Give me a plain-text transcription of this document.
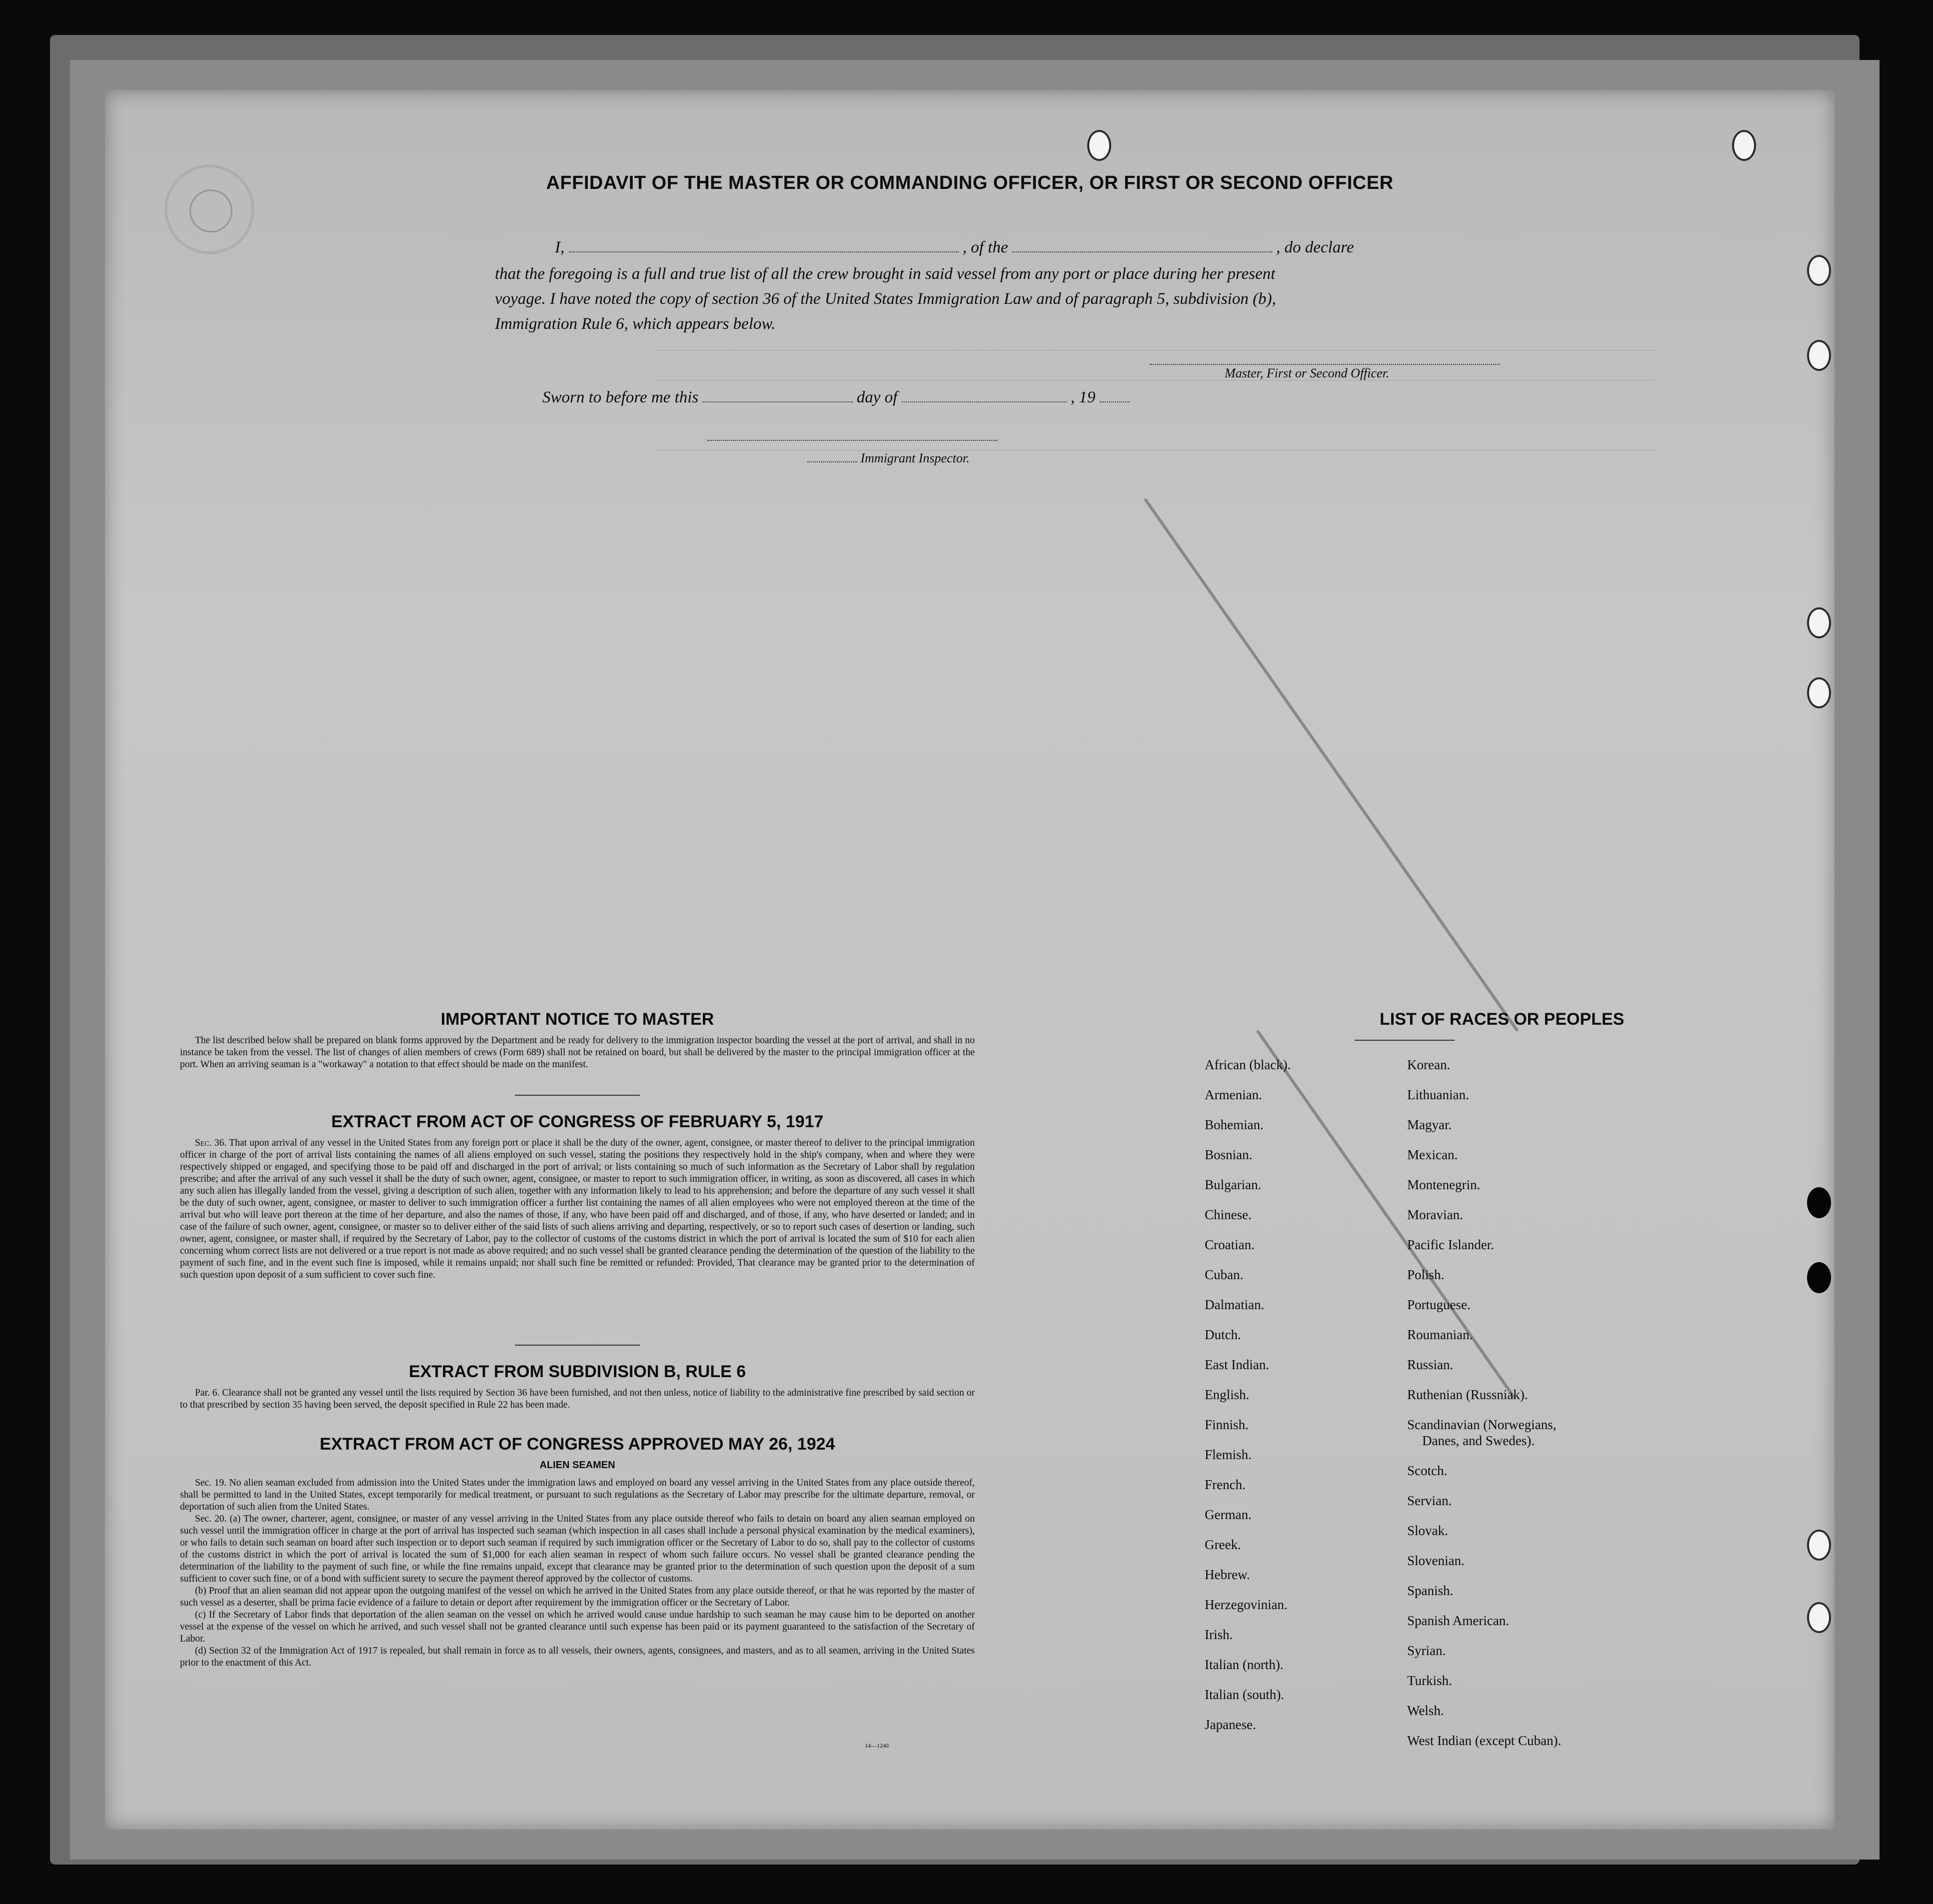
AFFIDAVIT OF THE MASTER OR COMMANDING OFFICER, OR FIRST OR SECOND OFFICER
I,	, of the	, do declare
that the foregoing is a full and true list of all the crew brought in said vessel from any port or place during her present
voyage. I have noted the copy of section 36 of the United States Immigration Law and of paragraph 5, subdivision (b),
Immigration Rule 6, which appears below.
Master, First or Second Officer.
Sworn to before me this	day of	, 19
Immigrant Inspector.
IMPORTANT NOTICE TO MASTER

The list described below shall be prepared on blank forms approved by the Department and be ready for delivery to the immigration inspector boarding the vessel at the port of arrival, and shall in no instance be taken from the vessel. The list of changes of alien members of crews (Form 689) shall not be retained on board, but shall be delivered by the master to the principal immigration officer at the port. When an arriving seaman is a "workaway" a notation to that effect should be made on the manifest.

EXTRACT FROM ACT OF CONGRESS OF FEBRUARY 5, 1917

Sec. 36. That upon arrival of any vessel in the United States from any foreign port or place it shall be the duty of the owner, agent, consignee, or master thereof to deliver to the principal immigration officer in charge of the port of arrival lists containing the names of all aliens employed on such vessel, stating the positions they respectively hold in the ship's company, when and where they were respectively shipped or engaged, and specifying those to be paid off and discharged in the port of arrival; or lists containing so much of such information as the Secretary of Labor shall by regulation prescribe; and after the arrival of any such vessel it shall be the duty of such owner, agent, consignee, or master to report to such immigration officer, in writing, as soon as discovered, all cases in which any such alien has illegally landed from the vessel, giving a description of such alien, together with any information likely to lead to his apprehension; and before the departure of any such vessel it shall be the duty of such owner, agent, consignee, or master to deliver to such immigration officer a further list containing the names of all alien employees who were not employed thereon at the time of the arrival but who will leave port thereon at the time of her departure, and also the names of those, if any, who have been paid off and discharged, and of those, if any, who have deserted or landed; and in case of the failure of such owner, agent, consignee, or master so to deliver either of the said lists of such aliens arriving and departing, respectively, or so to report such cases of desertion or landing, such owner, agent, consignee, or master shall, if required by the Secretary of Labor, pay to the collector of customs of the customs district in which the port of arrival is located the sum of $10 for each alien concerning whom correct lists are not delivered or a true report is not made as above required; and no such vessel shall be granted clearance pending the determination of the question of the liability to the payment of such fine, and in the event such fine is imposed, while it remains unpaid; nor shall such fine be remitted or refunded: Provided, That clearance may be granted prior to the determination of such question upon deposit of a sum sufficient to cover such fine.

EXTRACT FROM SUBDIVISION B, RULE 6

Par. 6. Clearance shall not be granted any vessel until the lists required by Section 36 have been furnished, and not then unless, notice of liability to the administrative fine prescribed by said section or to that prescribed by section 35 having been served, the deposit specified in Rule 22 has been made.

EXTRACT FROM ACT OF CONGRESS APPROVED MAY 26, 1924
ALIEN SEAMEN

Sec. 19. No alien seaman excluded from admission into the United States under the immigration laws and employed on board any vessel arriving in the United States from any place outside thereof, shall be permitted to land in the United States, except temporarily for medical treatment, or pursuant to such regulations as the Secretary of Labor may prescribe for the ultimate departure, removal, or deportation of such alien from the United States.

Sec. 20. (a) The owner, charterer, agent, consignee, or master of any vessel arriving in the United States from any place outside thereof who fails to detain on board any alien seaman employed on such vessel until the immigration officer in charge at the port of arrival has inspected such seaman (which inspection in all cases shall include a personal physical examination by the medical examiners), or who fails to detain such seaman on board after such inspection or to deport such seaman if required by such immigration officer or the Secretary of Labor to do so, shall pay to the collector of customs of the customs district in which the port of arrival is located the sum of $1,000 for each alien seaman in respect of whom such failure occurs. No vessel shall be granted clearance pending the determination of the liability to the payment of such fine, or while the fine remains unpaid, except that clearance may be granted prior to the determination of such question upon the deposit of a sum sufficient to cover such fine, or of a bond with sufficient surety to secure the payment thereof approved by the collector of customs.

(b) Proof that an alien seaman did not appear upon the outgoing manifest of the vessel on which he arrived in the United States from any place outside thereof, or that he was reported by the master of such vessel as a deserter, shall be prima facie evidence of a failure to detain or deport after requirement by the immigration officer or the Secretary of Labor.

(c) If the Secretary of Labor finds that deportation of the alien seaman on the vessel on which he arrived would cause undue hardship to such seaman he may cause him to be deported on another vessel at the expense of the vessel on which he arrived, and such vessel shall not be granted clearance until such expense has been paid or its payment guaranteed to the satisfaction of the Secretary of Labor.

(d) Section 32 of the Immigration Act of 1917 is repealed, but shall remain in force as to all vessels, their owners, agents, consignees, and masters, and as to all seamen, arriving in the United States prior to the enactment of this Act.

14—1240
LIST OF RACES OR PEOPLES
African (black).
Armenian.
Bohemian.
Bosnian.
Bulgarian.
Chinese.
Croatian.
Cuban.
Dalmatian.
Dutch.
East Indian.
English.
Finnish.
Flemish.
French.
German.
Greek.
Hebrew.
Herzegovinian.
Irish.
Italian (north).
Italian (south).
Japanese.
Korean.
Lithuanian.
Magyar.
Mexican.
Montenegrin.
Moravian.
Pacific Islander.
Polish.
Portuguese.
Roumanian.
Russian.
Ruthenian (Russniak).
Scandinavian (Norwegians,
Danes, and Swedes).
Scotch.
Servian.
Slovak.
Slovenian.
Spanish.
Spanish American.
Syrian.
Turkish.
Welsh.
West Indian (except Cuban).
